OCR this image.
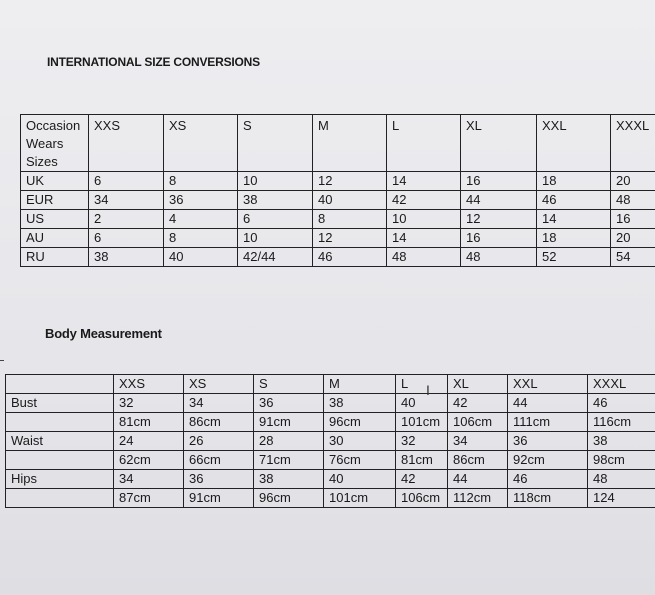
INTERNATIONAL SIZE CONVERSIONS
Occasion
Wears
Sizes	XXS	XS	S	M	L	XL	XXL	XXXL
UK	6	8	10	12	14	16	18	20
EUR	34	36	38	40	42	44	46	48
US	2	4	6	8	10	12	14	16
AU	6	8	10	12	14	16	18	20
RU	38	40	42/44	46	48	48	52	54
Body Measurement
	XXS	XS	S	M	L	XL	XXL	XXXL
Bust	32	34	36	38	40	42	44	46
	81cm	86cm	91cm	96cm	101cm	106cm	111cm	116cm
Waist	24	26	28	30	32	34	36	38
	62cm	66cm	71cm	76cm	81cm	86cm	92cm	98cm
Hips	34	36	38	40	42	44	46	48
	87cm	91cm	96cm	101cm	106cm	112cm	118cm	124
I
